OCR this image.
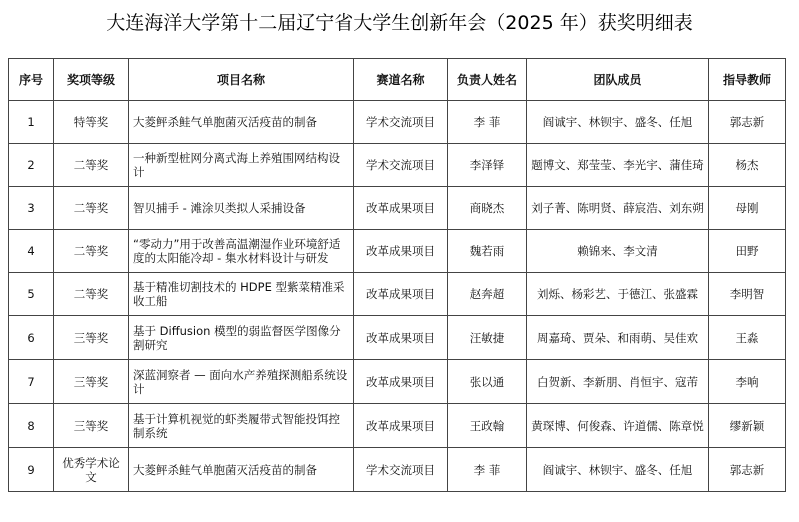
大连海洋大学第十二届辽宁省大学生创新年会（2025 年）获奖明细表
序号	奖项等级	项目名称	赛道名称	负责人姓名	团队成员	指导教师
1	特等奖	大菱鲆杀鲑气单胞菌灭活疫苗的制备	学术交流项目	李 菲	阎诚宇、林钡宇、盛冬、任旭	郭志新
2	二等奖	一种新型桩网分离式海上养殖围网结构设计	学术交流项目	李泽铎	题博文、郑莹莹、李光宇、蒲佳琦	杨杰
3	二等奖	智贝捕手 - 滩涂贝类拟人采捕设备	改革成果项目	商晓杰	刘子菁、陈明贤、薛宸浩、刘东朔	母刚
4	二等奖	“零动力”用于改善高温潮湿作业环境舒适度的太阳能冷却 - 集水材料设计与研发	改革成果项目	魏若雨	赖锦来、李文清	田野
5	二等奖	基于精准切割技术的 HDPE 型紫菜精准采收工船	改革成果项目	赵奔超	刘烁、杨彩艺、于德江、张盛霖	李明智
6	三等奖	基于 Diffusion 模型的弱监督医学图像分割研究	改革成果项目	汪敏捷	周嘉琦、贾朵、和雨萌、吴佳欢	王淼
7	三等奖	深蓝洞察者 — 面向水产养殖探测船系统设计	改革成果项目	张以通	白贺新、李新朋、肖恒宇、寇芾	李响
8	三等奖	基于计算机视觉的虾类履带式智能投饵控制系统	改革成果项目	王政翰	黄琛博、何俊森、许道儒、陈章悦	缪新颖
9	优秀学术论文	大菱鲆杀鲑气单胞菌灭活疫苗的制备	学术交流项目	李 菲	阎诚宇、林钡宇、盛冬、任旭	郭志新
